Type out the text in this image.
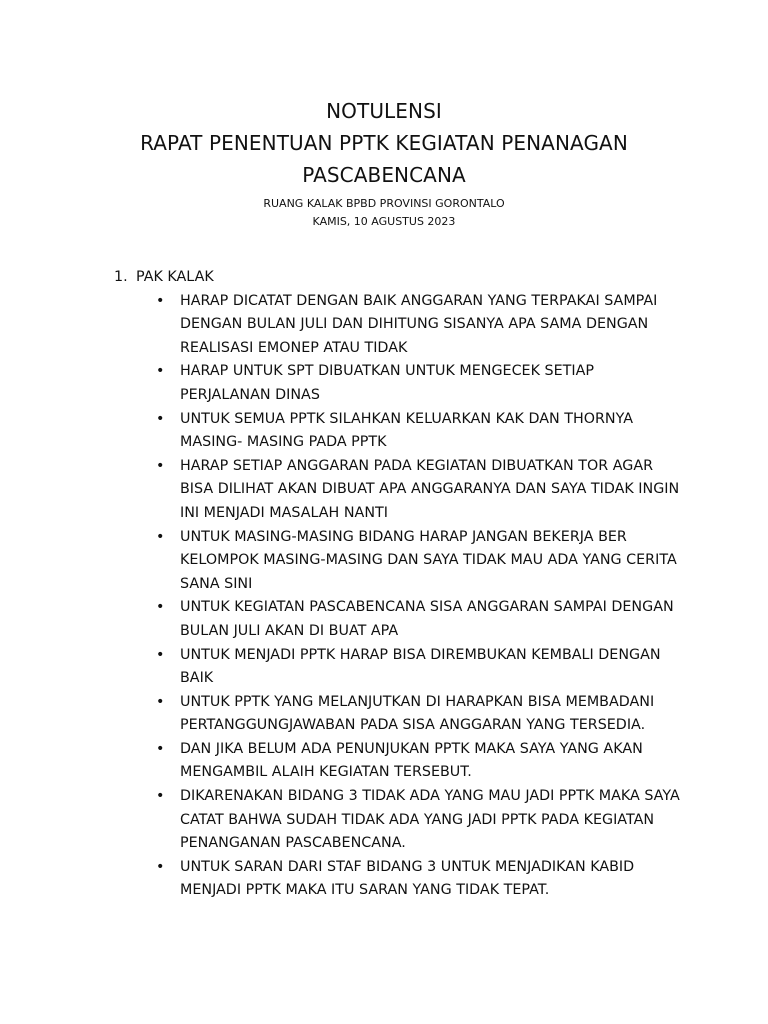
NOTULENSI
RAPAT PENENTUAN PPTK KEGIATAN PENANAGAN
PASCABENCANA
RUANG KALAK BPBD PROVINSI GORONTALO
KAMIS, 10 AGUSTUS 2023
1. PAK KALAK
• HARAP DICATAT DENGAN BAIK ANGGARAN YANG TERPAKAI SAMPAI DENGAN BULAN JULI DAN DIHITUNG SISANYA APA SAMA DENGAN REALISASI EMONEP ATAU TIDAK
• HARAP UNTUK SPT DIBUATKAN UNTUK MENGECEK SETIAP PERJALANAN DINAS
• UNTUK SEMUA PPTK SILAHKAN KELUARKAN KAK DAN THORNYA MASING- MASING PADA PPTK
• HARAP SETIAP ANGGARAN PADA KEGIATAN DIBUATKAN TOR AGAR BISA DILIHAT AKAN DIBUAT APA ANGGARANYA DAN SAYA TIDAK INGIN INI MENJADI MASALAH NANTI
• UNTUK MASING-MASING BIDANG HARAP JANGAN BEKERJA BER KELOMPOK MASING-MASING DAN SAYA TIDAK MAU ADA YANG CERITA SANA SINI
• UNTUK KEGIATAN PASCABENCANA SISA ANGGARAN SAMPAI DENGAN BULAN JULI AKAN DI BUAT APA
• UNTUK MENJADI PPTK HARAP BISA DIREMBUKAN KEMBALI DENGAN BAIK
• UNTUK PPTK YANG MELANJUTKAN DI HARAPKAN BISA MEMBADANI PERTANGGUNGJAWABAN PADA SISA ANGGARAN YANG TERSEDIA.
• DAN JIKA BELUM ADA PENUNJUKAN PPTK MAKA SAYA YANG AKAN MENGAMBIL ALAIH KEGIATAN TERSEBUT.
• DIKARENAKAN BIDANG 3 TIDAK ADA YANG MAU JADI PPTK MAKA SAYA CATAT BAHWA SUDAH TIDAK ADA YANG JADI PPTK PADA KEGIATAN PENANGANAN PASCABENCANA.
• UNTUK SARAN DARI STAF BIDANG 3 UNTUK MENJADIKAN KABID MENJADI PPTK MAKA ITU SARAN YANG TIDAK TEPAT.
